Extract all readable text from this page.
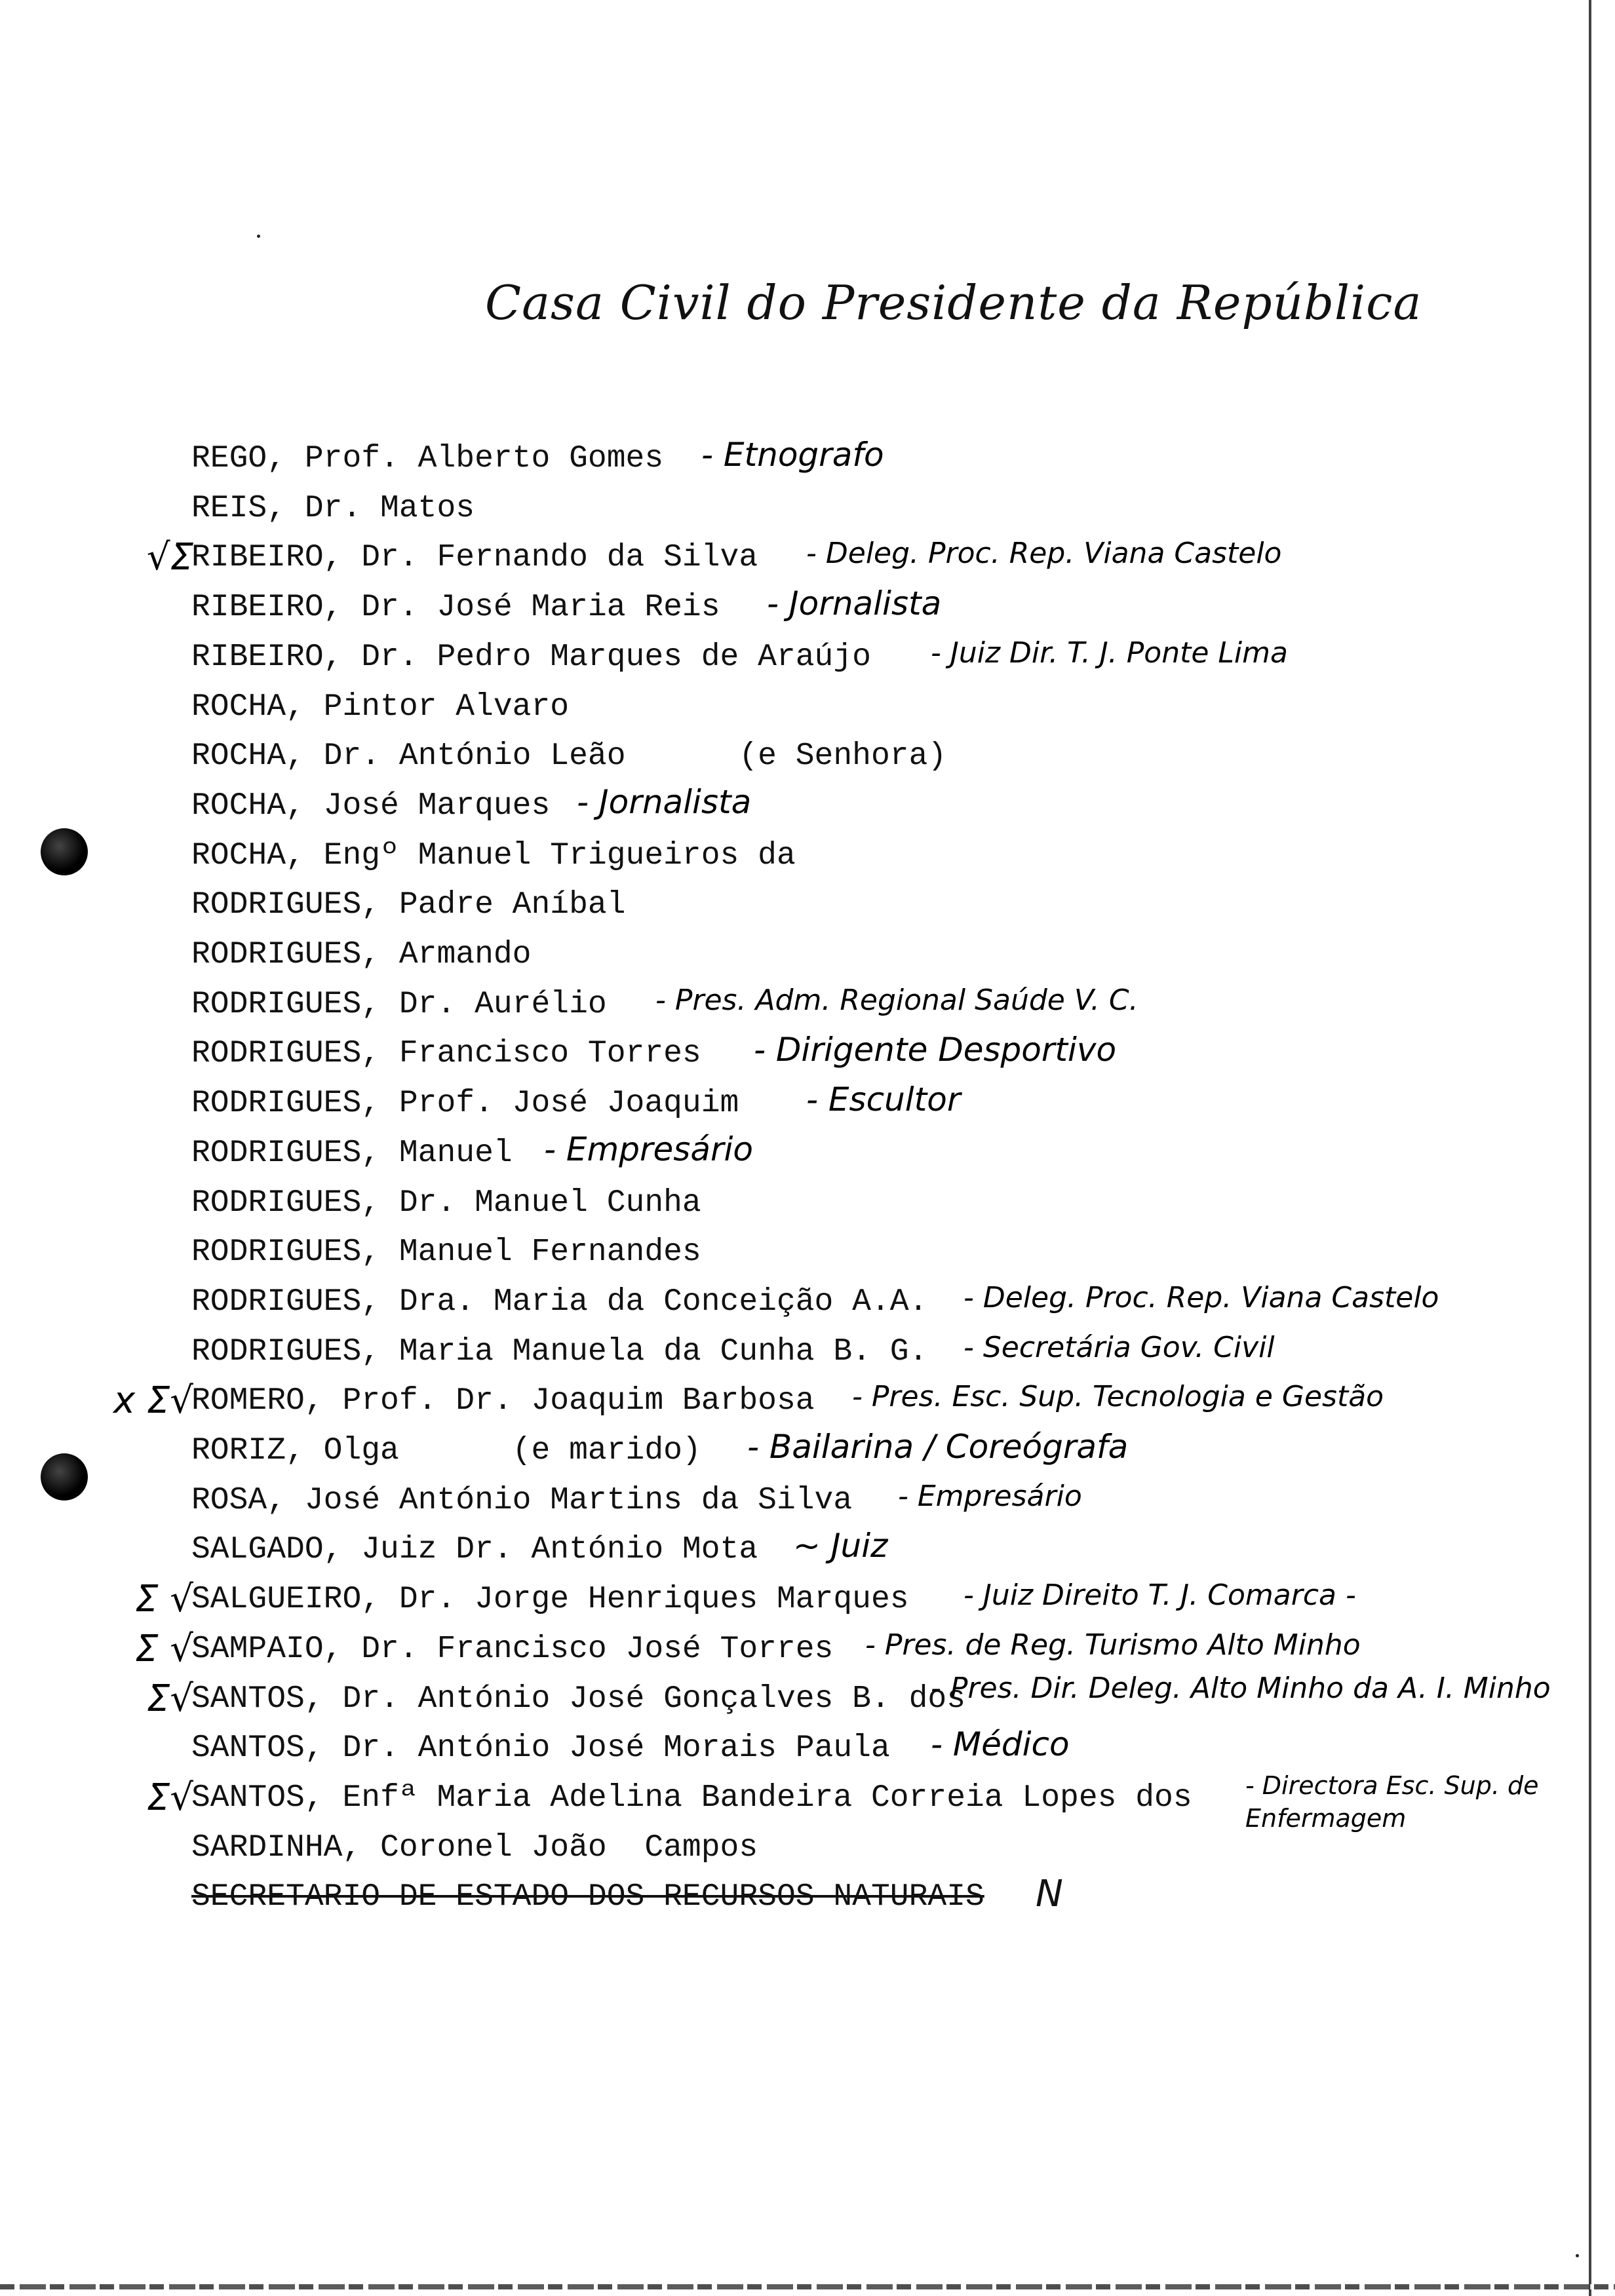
Casa Civil do Presidente da República
REGO, Prof. Alberto Gomes - Etnografo
REIS, Dr. Matos
√Σ
RIBEIRO, Dr. Fernando da Silva - Deleg. Proc. Rep. Viana Castelo
RIBEIRO, Dr. José Maria Reis - Jornalista
RIBEIRO, Dr. Pedro Marques de Araújo - Juiz Dir. T. J. Ponte Lima
ROCHA, Pintor Alvaro
ROCHA, Dr. António Leão      (e Senhora)
ROCHA, José Marques - Jornalista
ROCHA, Engº Manuel Trigueiros da
RODRIGUES, Padre Aníbal
RODRIGUES, Armando
RODRIGUES, Dr. Aurélio - Pres. Adm. Regional Saúde V. C.
RODRIGUES, Francisco Torres - Dirigente Desportivo
RODRIGUES, Prof. José Joaquim - Escultor
RODRIGUES, Manuel - Empresário
RODRIGUES, Dr. Manuel Cunha
RODRIGUES, Manuel Fernandes
RODRIGUES, Dra. Maria da Conceição A.A. - Deleg. Proc. Rep. Viana Castelo
RODRIGUES, Maria Manuela da Cunha B. G. - Secretária Gov. Civil
x Σ√
ROMERO, Prof. Dr. Joaquim Barbosa - Pres. Esc. Sup. Tecnologia e Gestão
RORIZ, Olga      (e marido) - Bailarina / Coreógrafa
ROSA, José António Martins da Silva - Empresário
SALGADO, Juiz Dr. António Mota ~ Juiz
Σ √
SALGUEIRO, Dr. Jorge Henriques Marques - Juiz Direito T. J. Comarca -
Σ √
SAMPAIO, Dr. Francisco José Torres - Pres. de Reg. Turismo Alto Minho
Σ√
SANTOS, Dr. António José Gonçalves B. dos
- Pres. Dir. Deleg. Alto Minho da A. I. Minho
SANTOS, Dr. António José Morais Paula - Médico
Σ√
SANTOS, Enfª Maria Adelina Bandeira Correia Lopes dos - Directora Esc. Sup. de Enfermagem
SARDINHA, Coronel João  Campos
SECRETARIO DE ESTADO DOS RECURSOS NATURAIS N
